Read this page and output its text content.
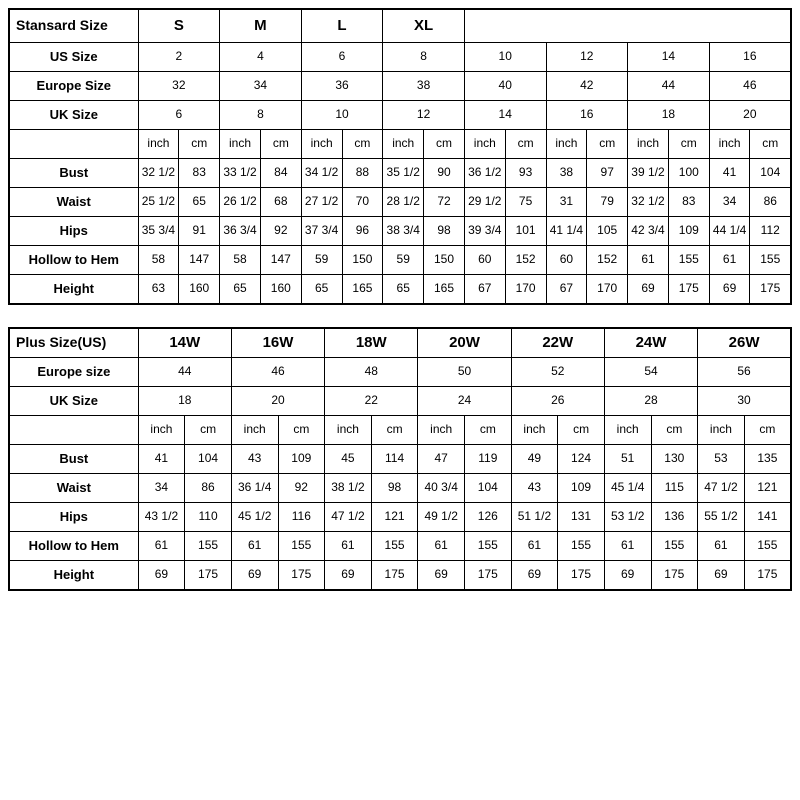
Stansard Size	S		M		L		XL									
US Size	2		4		6		8		10		12		14		16	
Europe Size	32		34		36		38		40		42		44		46	
UK Size	6		8		10		12		14		16		18		20	
	inch	cm	inch	cm	inch	cm	inch	cm	inch	cm	inch	cm	inch	cm	inch	cm
Bust	32 1/2	83	33 1/2	84	34 1/2	88	35 1/2	90	36 1/2	93	38	97	39 1/2	100	41	104
Waist	25 1/2	65	26 1/2	68	27 1/2	70	28 1/2	72	29 1/2	75	31	79	32 1/2	83	34	86
Hips	35 3/4	91	36 3/4	92	37 3/4	96	38 3/4	98	39 3/4	101	41 1/4	105	42 3/4	109	44 1/4	112
Hollow to Hem	58	147	58	147	59	150	59	150	60	152	60	152	61	155	61	155
Height	63	160	65	160	65	165	65	165	67	170	67	170	69	175	69	175
Plus Size(US)	14W		16W		18W		20W		22W		24W		26W	
Europe size	44		46		48		50		52		54		56	
UK Size	18		20		22		24		26		28		30	
	inch	cm	inch	cm	inch	cm	inch	cm	inch	cm	inch	cm	inch	cm
Bust	41	104	43	109	45	114	47	119	49	124	51	130	53	135
Waist	34	86	36 1/4	92	38 1/2	98	40 3/4	104	43	109	45 1/4	115	47 1/2	121
Hips	43 1/2	110	45 1/2	116	47 1/2	121	49 1/2	126	51 1/2	131	53 1/2	136	55 1/2	141
Hollow to Hem	61	155	61	155	61	155	61	155	61	155	61	155	61	155
Height	69	175	69	175	69	175	69	175	69	175	69	175	69	175
